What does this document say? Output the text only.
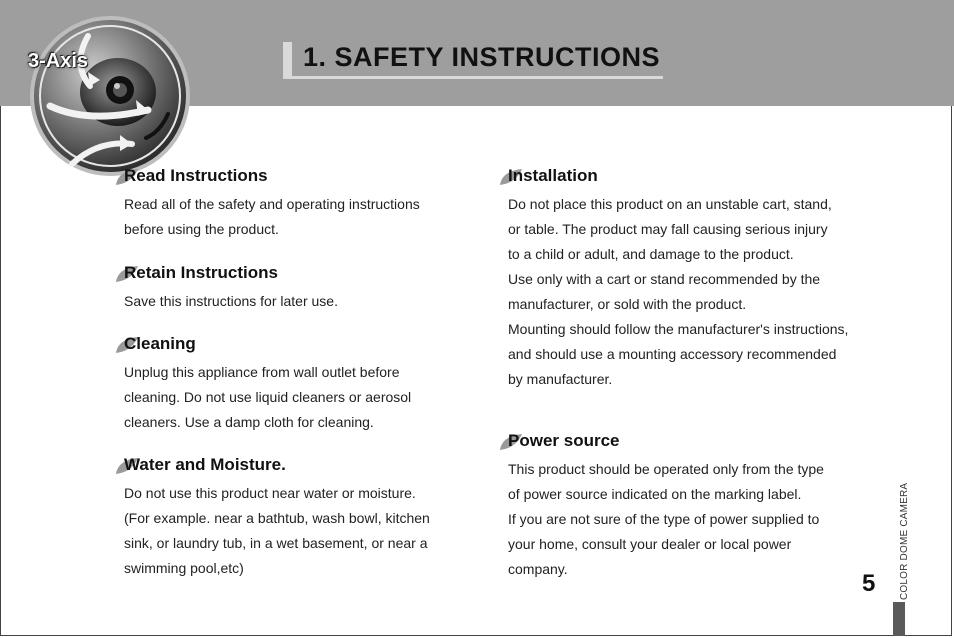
1. SAFETY INSTRUCTIONS
3-Axis
Read Instructions
Read all of the safety and operating instructions
before using the product.
Retain Instructions
Save this instructions for later use.
Cleaning
Unplug this appliance from wall outlet before
cleaning. Do not use liquid cleaners or aerosol
cleaners. Use a damp cloth for cleaning.
Water and Moisture.
Do not use this product near water or moisture.
(For example. near a bathtub, wash bowl, kitchen
sink, or laundry tub, in a wet basement, or near a
swimming pool,etc)
Installation
Do not place this product on an unstable cart, stand,
or table. The product may fall causing serious injury
to a child or adult, and damage to the product.
Use only with a cart or stand recommended by the
manufacturer, or sold with the product.
Mounting should follow the manufacturer's instructions,
and should use a mounting accessory recommended
by manufacturer.
Power source
This product should be operated only from the type
of power source indicated on the marking label.
If you are not sure of the type of power supplied to
your home, consult your dealer or local power
company.
5 COLOR DOME CAMERA
